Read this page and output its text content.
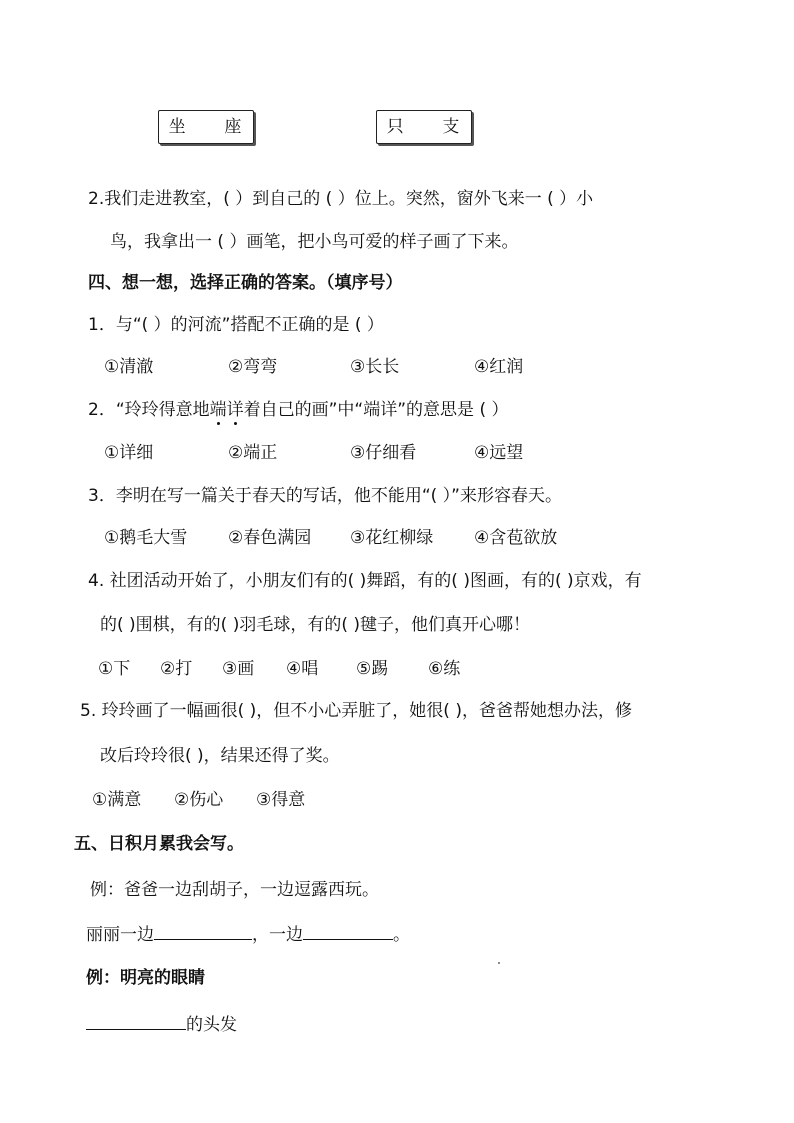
坐 座	只 支
2.我们走进教室，( ）到自己的 ( ）位上。突然，窗外飞来一 ( ）小
鸟，我拿出一 ( ）画笔，把小鸟可爱的样子画了下来。
四、想一想，选择正确的答案。（填序号）
1．与“( ）的河流”搭配不正确的是 ( ）
①清澈	②弯弯	③长长	④红润
2．“玲玲得意地端详着自己的画”中“端详”的意思是 ( ）
①详细	②端正	③仔细看	④远望
3．李明在写一篇关于春天的写话，他不能用“( ）”来形容春天。
①鹅毛大雪 ②春色满园 ③花红柳绿 ④含苞欲放
4. 社团活动开始了，小朋友们有的( )舞蹈，有的( )图画，有的( )京戏，有
的( )围棋，有的( )羽毛球，有的( )毽子，他们真开心哪！
①下 ②打 ③画 ④唱 ⑤踢 ⑥练
5. 玲玲画了一幅画很( )，但不小心弄脏了，她很( )，爸爸帮她想办法，修
改后玲玲很( )，结果还得了奖。
①满意 ②伤心 ③得意
五、日积月累我会写。
例：爸爸一边刮胡子，一边逗露西玩。
丽丽一边	，一边	。
例：明亮的眼睛
的头发
